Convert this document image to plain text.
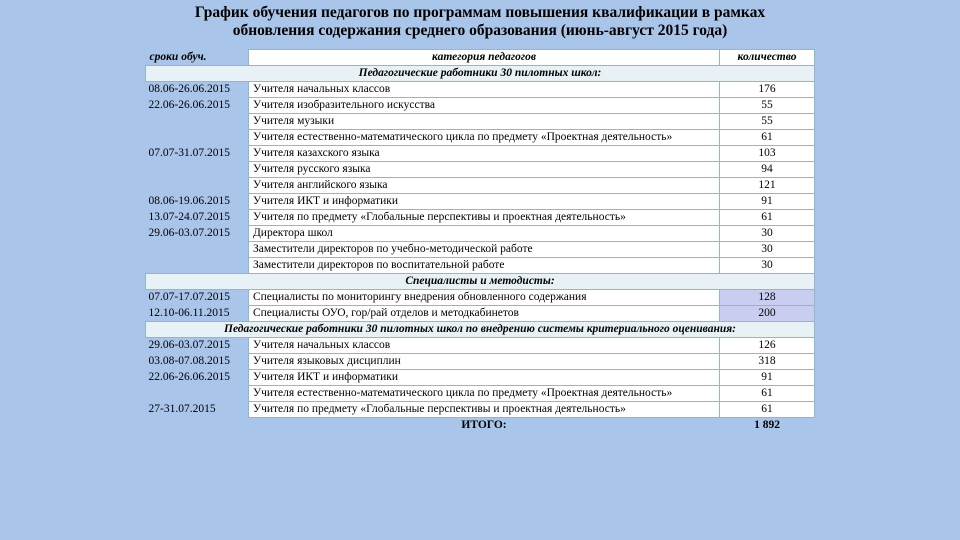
График обучения педагогов по программам повышения квалификации в рамках
обновления содержания среднего образования (июнь-август 2015 года)
сроки обуч.	категория педагогов	количество
Педагогические работники 30 пилотных школ:		
08.06-26.06.2015	Учителя начальных классов	176
22.06-26.06.2015	Учителя изобразительного искусства	55
	Учителя музыки	55
	Учителя естественно-математического цикла по предмету «Проектная деятельность»	61
07.07-31.07.2015	Учителя казахского языка	103
	Учителя русского языка	94
	Учителя английского языка	121
08.06-19.06.2015	Учителя ИКТ и информатики	91
13.07-24.07.2015	Учителя по предмету «Глобальные перспективы и проектная деятельность»	61
29.06-03.07.2015	Директора школ	30
	Заместители директоров по учебно-методической работе	30
	Заместители директоров по воспитательной работе	30
Специалисты и методисты:		
07.07-17.07.2015	Специалисты по мониторингу внедрения обновленного содержания	128
12.10-06.11.2015	Специалисты ОУО, гор/рай отделов и методкабинетов	200
Педагогические работники 30 пилотных школ по внедрению системы критериального оценивания:		
29.06-03.07.2015	Учителя начальных классов	126
03.08-07.08.2015	Учителя языковых дисциплин	318
22.06-26.06.2015	Учителя ИКТ и информатики	91
	Учителя естественно-математического цикла по предмету «Проектная деятельность»	61
27-31.07.2015	Учителя по предмету «Глобальные перспективы и проектная деятельность»	61
	ИТОГО:	1 892
